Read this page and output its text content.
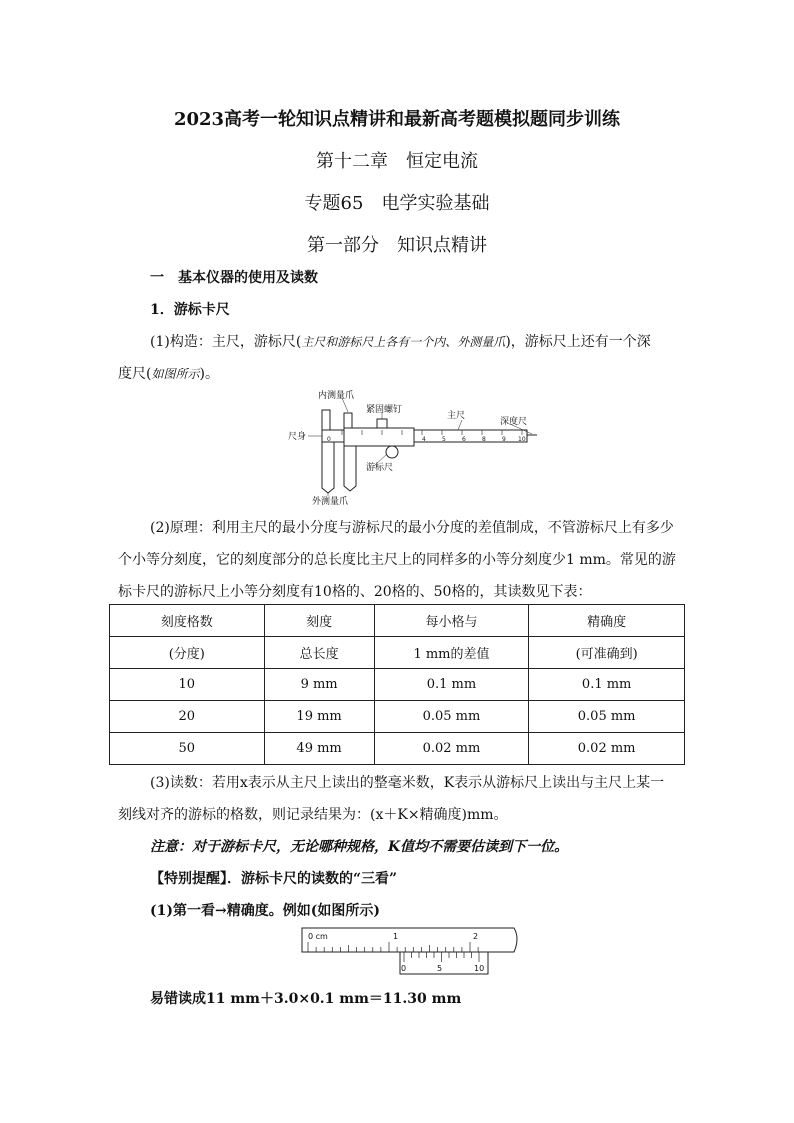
2023高考一轮知识点精讲和最新高考题模拟题同步训练
第十二章　恒定电流
专题65　电学实验基础
第一部分　知识点精讲
一　基本仪器的使用及读数
1．游标卡尺
(1)构造：主尺，游标尺(主尺和游标尺上各有一个内、外测量爪)，游标尺上还有一个深
度尺(如图所示)。
0	4	5	6	8	9 10
内测量爪
紧固螺钉
主尺
深度尺
尺身
游标尺
外测量爪
(2)原理：利用主尺的最小分度与游标尺的最小分度的差值制成，不管游标尺上有多少
个小等分刻度，它的刻度部分的总长度比主尺上的同样多的小等分刻度少1 mm。常见的游
标卡尺的游标尺上小等分刻度有10格的、20格的、50格的，其读数见下表：
刻度格数	刻度	每小格与	精确度
(分度)	总长度	1 mm的差值	(可准确到)
10	9 mm	0.1 mm	0.1 mm
20	19 mm	0.05 mm	0.05 mm
50	49 mm	0.02 mm	0.02 mm
(3)读数：若用x表示从主尺上读出的整毫米数，K表示从游标尺上读出与主尺上某一
刻线对齐的游标的格数，则记录结果为：(x＋K×精确度)mm。
注意：对于游标卡尺，无论哪种规格，K值均不需要估读到下一位。
【特别提醒】．游标卡尺的读数的“三看”
(1)第一看→精确度。例如(如图所示)
0 cm	1	2
0	5	10
易错读成11 mm＋3.0×0.1 mm＝11.30 mm
